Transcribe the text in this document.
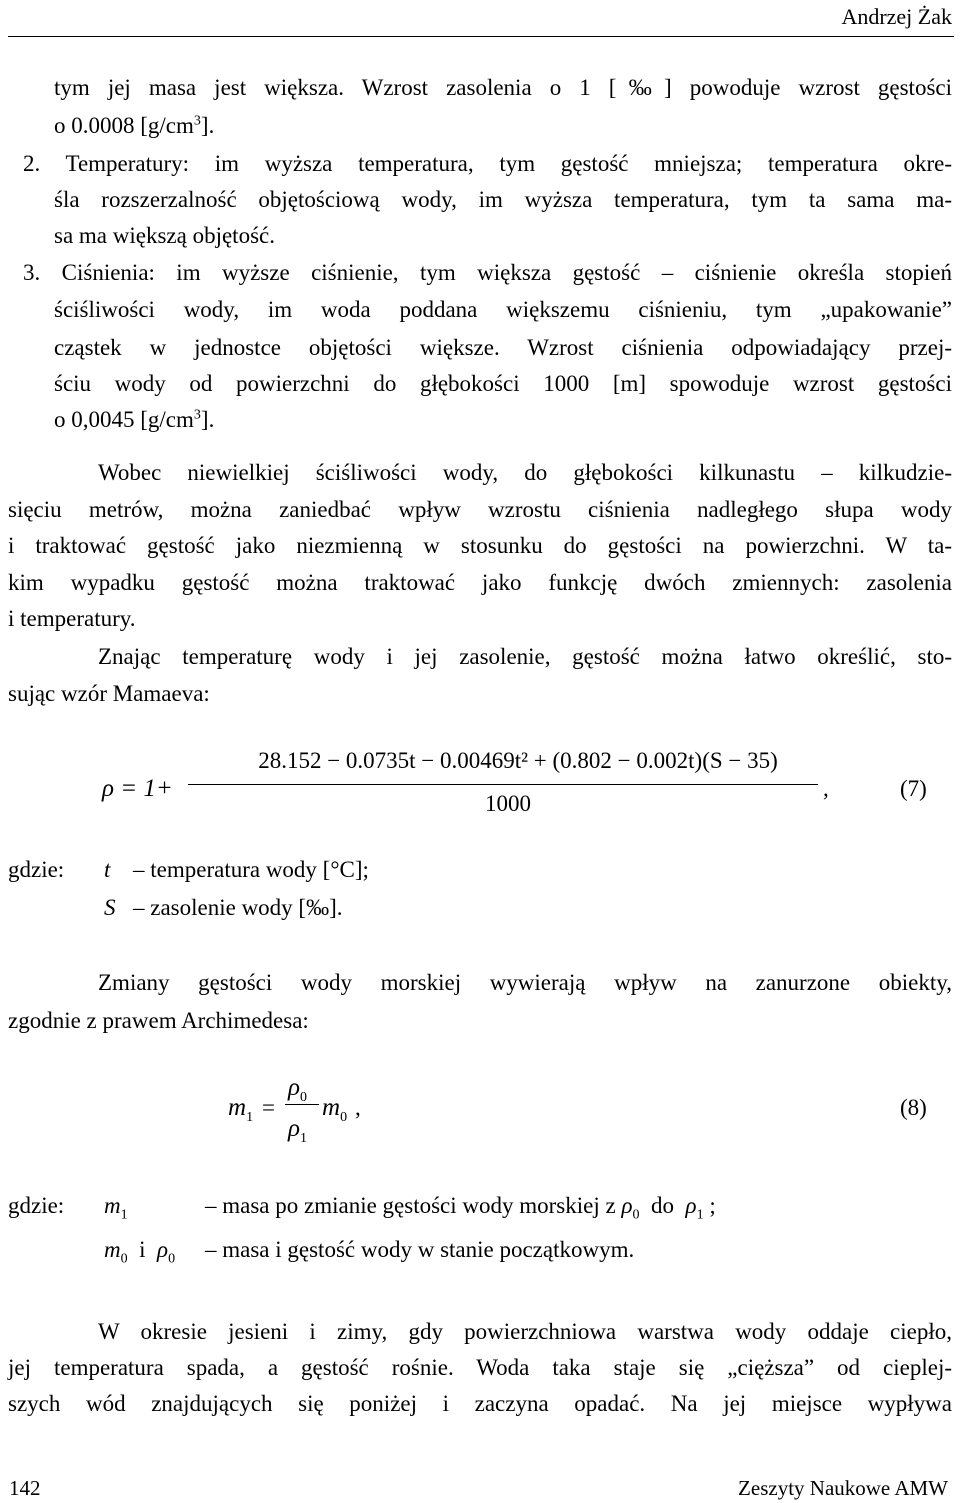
Andrzej Żak
tym jej masa jest większa. Wzrost zasolenia o 1 [‰] powoduje wzrost gęstości
o 0.0008 $[g/cm^3]$.
2. Temperatury: im wyższa temperatura, tym gęstość mniejsza; temperatura okre-
śla rozszerzalność objętościową wody, im wyższa temperatura, tym ta sama ma-
sa ma większą objętość.
3. Ciśnienia: im wyższe ciśnienie, tym większa gęstość – ciśnienie określa stopień
ściśliwości wody, im woda poddana większemu ciśnieniu, tym „upakowanie”
cząstek w jednostce objętości większe. Wzrost ciśnienia odpowiadający przej-
ściu wody od powierzchni do głębokości 1000 [m] spowoduje wzrost gęstości
o 0,0045 $[g/cm^3]$.
Wobec niewielkiej ściśliwości wody, do głębokości kilkunastu – kilkudzie-
sięciu metrów, można zaniedbać wpływ wzrostu ciśnienia nadległego słupa wody
i traktować gęstość jako niezmienną w stosunku do gęstości na powierzchni. W ta-
kim wypadku gęstość można traktować jako funkcję dwóch zmiennych: zasolenia
i temperatury.
Znając temperaturę wody i jej zasolenie, gęstość można łatwo określić, sto-
sując wzór Mamaeva:
ρ = 1+
28.152 − 0.0735t − 0.00469t² + (0.802 − 0.002t)(S − 35)
1000
,	(7)
gdzie: t – temperatura wody [°C];
S – zasolenie wody [‰].
Zmiany gęstości wody morskiej wywierają wpływ na zanurzone obiekty,
zgodnie z prawem Archimedesa:
$m_1$ =
$\rho_0$
$\rho_1$
$m_0$ ,	(8)
gdzie: $m_1$	– masa po zmianie gęstości wody morskiej z $\rho_0$ do $\rho_1$ ;
$m_0$ i $\rho_0$ – masa i gęstość wody w stanie początkowym.
W okresie jesieni i zimy, gdy powierzchniowa warstwa wody oddaje ciepło,
jej temperatura spada, a gęstość rośnie. Woda taka staje się „cięższa” od cieplej-
szych wód znajdujących się poniżej i zaczyna opadać. Na jej miejsce wypływa
142	Zeszyty Naukowe AMW
